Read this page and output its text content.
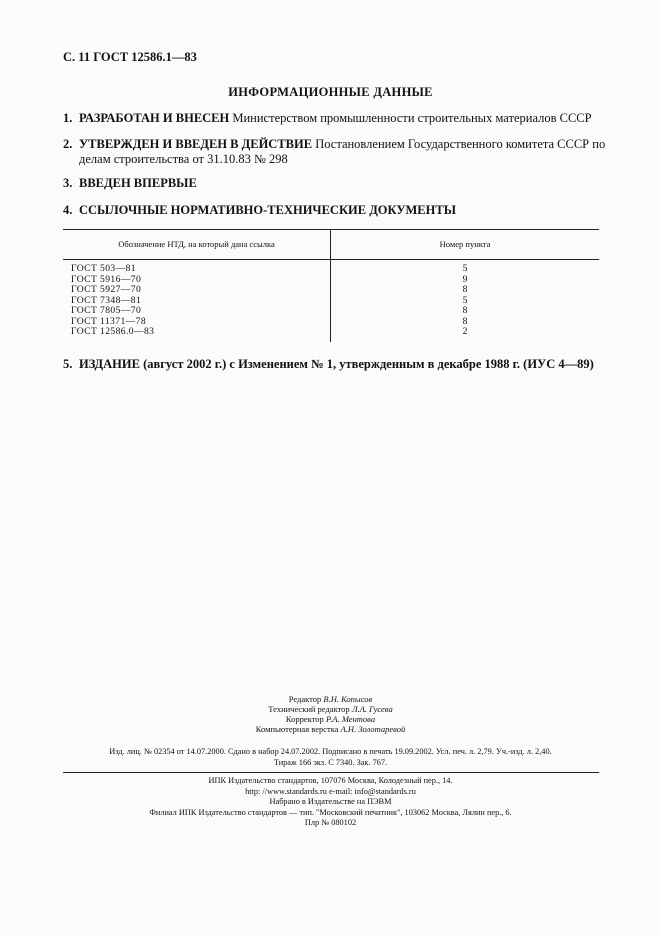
С. 11 ГОСТ 12586.1—83
ИНФОРМАЦИОННЫЕ ДАННЫЕ
1. РАЗРАБОТАН И ВНЕСЕН Министерством промышленности строительных материалов СССР
2. УТВЕРЖДЕН И ВВЕДЕН В ДЕЙСТВИЕ Постановлением Государственного комитета СССР по
делам строительства от 31.10.83 № 298
3. ВВЕДЕН ВПЕРВЫЕ
4. ССЫЛОЧНЫЕ НОРМАТИВНО-ТЕХНИЧЕСКИЕ ДОКУМЕНТЫ
Обозначение НТД, на который дана ссылка	Номер пункта
ГОСТ 503—81	5
ГОСТ 5916—70	9
ГОСТ 5927—70	8
ГОСТ 7348—81	5
ГОСТ 7805—70	8
ГОСТ 11371—78	8
ГОСТ 12586.0—83	2
5. ИЗДАНИЕ (август 2002 г.) с Изменением № 1, утвержденным в декабре 1988 г. (ИУС 4—89)
Редактор В.Н. Копысов
Технический редактор Л.А. Гусева
Корректор Р.А. Ментова
Компьютерная верстка А.Н. Золотаревой
Изд. лиц. № 02354 от 14.07.2000. Сдано в набор 24.07.2002. Подписано в печать 19.09.2002. Усл. печ. л. 2,79. Уч.-изд. л. 2,40.
Тираж 166 экз. С 7340. Зак. 767.
ИПК Издательство стандартов, 107076 Москва, Колодезный пер., 14.
http: //www.standards.ru e-mail: info@standards.ru
Набрано в Издательстве на ПЭВМ
Филиал ИПК Издательство стандартов — тип. "Московский печатник", 103062 Москва, Лялин пер., 6.
Плр № 080102
